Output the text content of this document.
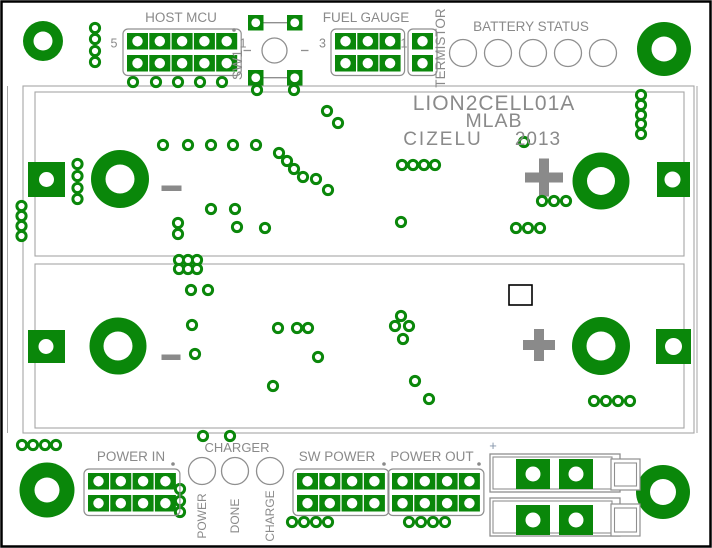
+
HOST MCU
5	1
FUEL GAUGE
3	1 TERMISTOR
POWER IN	SW POWER POWER OUT
SW1
BATTERY STATUS
CHARGER
POWER DONE CHARGE
LION2CELL01A
MLAB
CIZELU 2013
